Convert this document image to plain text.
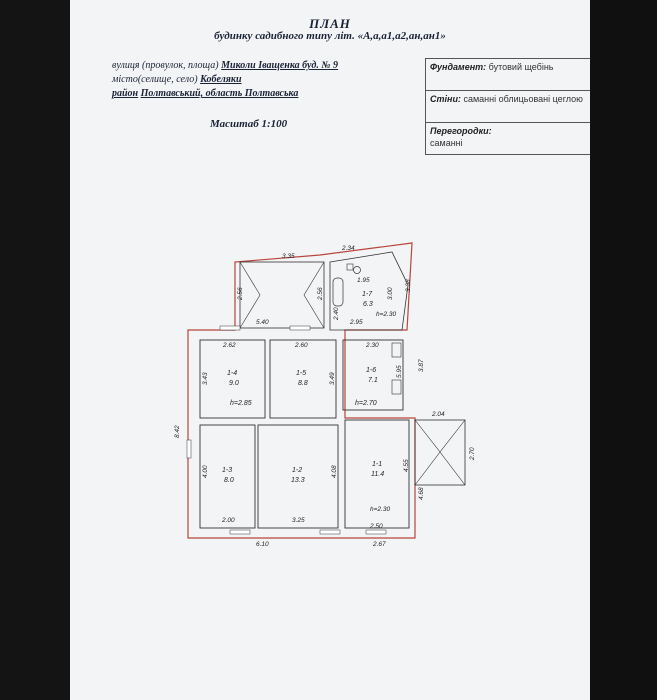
ПЛАН
будинку садибного типу літ. «А,а,а1,а2,ан,ан1»
вулиця (провулок, площа) Миколи Іващенка буд. № 9
місто(селище, село) Кобеляки
район Полтавський, область Полтавська
Масштаб 1:100
Фундамент: бутовий щебінь
Стіни: саманні облицьовані цеглою
Перегородки:
саманні
3.35
2.34
1.95
2.56	2.56
2.40
3.38
3.00
5.40	2.95
h=2.30
2.62	2.60	2.30
3.43	3.49
5.95 3.87
8.42
4.00	4.08	4.55
4.68
2.04
2.70
2.00	3.25
2.50
h=2.30
6.10	2.67
1-4
9.0
h=2.85
1-5
8.8
1-6
7.1
h=2.70
1-3
8.0
1-2
13.3
1-1
11.4
1-7
6.3
